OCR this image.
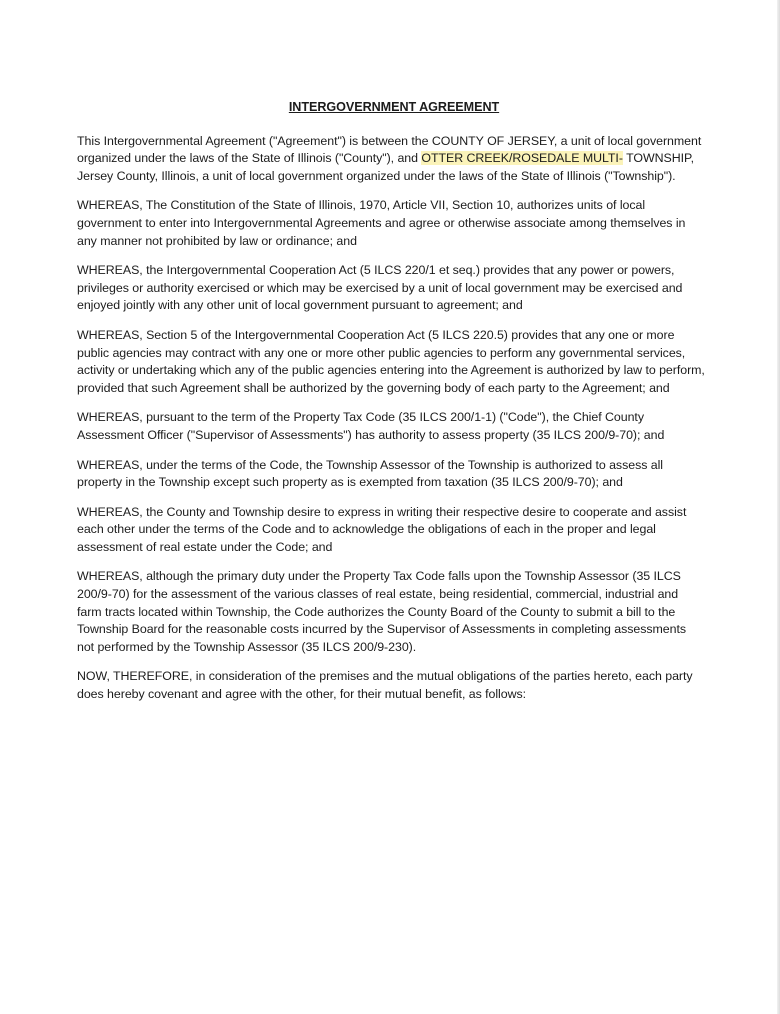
INTERGOVERNMENT AGREEMENT

This Intergovernmental Agreement ("Agreement") is between the COUNTY OF JERSEY, a unit of local government organized under the laws of the State of Illinois ("County"), and OTTER CREEK/ROSEDALE MULTI- TOWNSHIP, Jersey County, Illinois, a unit of local government organized under the laws of the State of Illinois ("Township").

WHEREAS, The Constitution of the State of Illinois, 1970, Article VII, Section 10, authorizes units of local government to enter into Intergovernmental Agreements and agree or otherwise associate among themselves in any manner not prohibited by law or ordinance; and

WHEREAS, the Intergovernmental Cooperation Act (5 ILCS 220/1 et seq.) provides that any power or powers, privileges or authority exercised or which may be exercised by a unit of local government may be exercised and enjoyed jointly with any other unit of local government pursuant to agreement; and

WHEREAS, Section 5 of the Intergovernmental Cooperation Act (5 ILCS 220.5) provides that any one or more public agencies may contract with any one or more other public agencies to perform any governmental services, activity or undertaking which any of the public agencies entering into the Agreement is authorized by law to perform, provided that such Agreement shall be authorized by the governing body of each party to the Agreement; and

WHEREAS, pursuant to the term of the Property Tax Code (35 ILCS 200/1-1) ("Code"), the Chief County Assessment Officer ("Supervisor of Assessments") has authority to assess property (35 ILCS 200/9-70); and

WHEREAS, under the terms of the Code, the Township Assessor of the Township is authorized to assess all property in the Township except such property as is exempted from taxation (35 ILCS 200/9-70); and

WHEREAS, the County and Township desire to express in writing their respective desire to cooperate and assist each other under the terms of the Code and to acknowledge the obligations of each in the proper and legal assessment of real estate under the Code; and

WHEREAS, although the primary duty under the Property Tax Code falls upon the Township Assessor (35 ILCS 200/9-70) for the assessment of the various classes of real estate, being residential, commercial, industrial and farm tracts located within Township, the Code authorizes the County Board of the County to submit a bill to the Township Board for the reasonable costs incurred by the Supervisor of Assessments in completing assessments not performed by the Township Assessor (35 ILCS 200/9-230).

NOW, THEREFORE, in consideration of the premises and the mutual obligations of the parties hereto, each party does hereby covenant and agree with the other, for their mutual benefit, as follows:
